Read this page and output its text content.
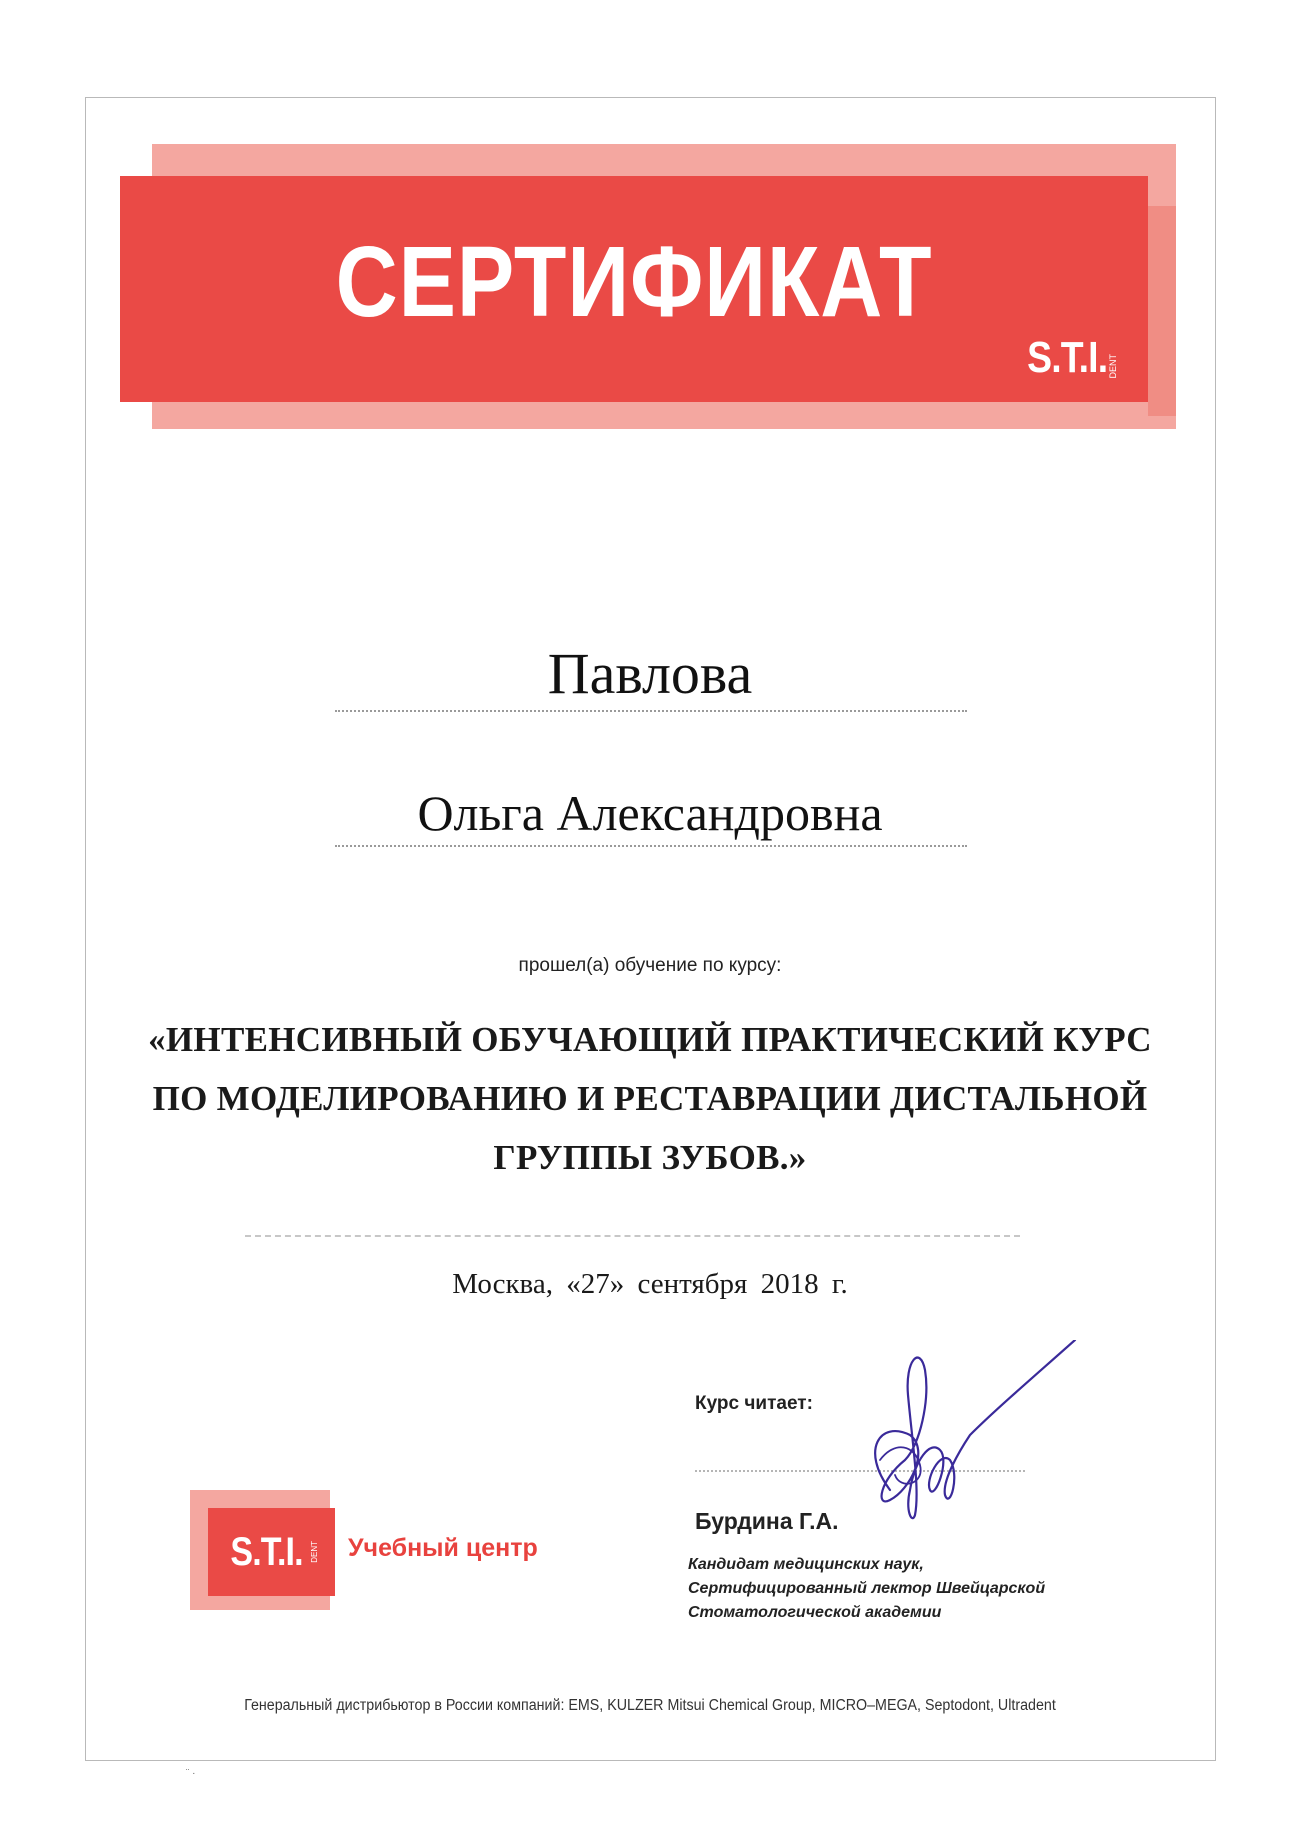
СЕРТИФИКАТ
S.T.I. DENT
Павлова
Ольга Александровна
прошел(а) обучение по курсу:
«ИНТЕНСИВНЫЙ ОБУЧАЮЩИЙ ПРАКТИЧЕСКИЙ КУРС
ПО МОДЕЛИРОВАНИЮ И РЕСТАВРАЦИИ ДИСТАЛЬНОЙ
ГРУППЫ ЗУБОВ.»
Москва, «27» сентября 2018 г.
Курс читает:
Бурдина Г.А.
Кандидат медицинских наук,
Сертифицированный лектор Швейцарской
Стоматологической академии
S.T.I. DENT Учебный центр
Генеральный дистрибьютор в России компаний: EMS, KULZER Mitsui Chemical Group, MICRO–MEGA, Septodont, Ultradent
¨ ·
